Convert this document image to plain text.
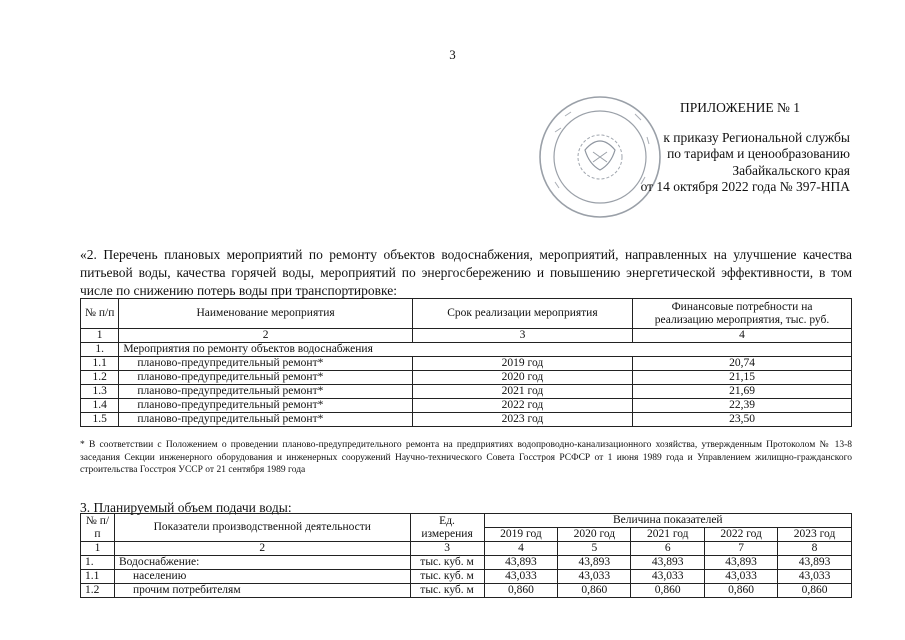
3
ПРИЛОЖЕНИЕ № 1
к приказу Региональной службы
по тарифам и ценообразованию
Забайкальского края
от 14 октября 2022 года № 397-НПА
«2. Перечень плановых мероприятий по ремонту объектов водоснабжения, мероприятий, направленных на улучшение качества питьевой воды, качества горячей воды, мероприятий по энергосбережению и повышению энергетической эффективности, в том числе по снижению потерь воды при транспортировке:
№ п/п	Наименование мероприятия	Срок реализации мероприятия	Финансовые потребности на
реализацию мероприятия, тыс. руб.

1	2	3	4
1.	Мероприятия по ремонту объектов водоснабжения		
1.1	планово-предупредительный ремонт*	2019 год	20,74
1.2	планово-предупредительный ремонт*	2020 год	21,15
1.3	планово-предупредительный ремонт*	2021 год	21,69
1.4	планово-предупредительный ремонт*	2022 год	22,39
1.5	планово-предупредительный ремонт*	2023 год	23,50
* В соответствии с Положением о проведении планово-предупредительного ремонта на предприятиях водопроводно-канализационного хозяйства, утвержденным Протоколом № 13-8 заседания Секции инженерного оборудования и инженерных сооружений Научно-технического Совета Госстроя РСФСР от 1 июня 1989 года и Управлением жилищно-гражданского строительства Госстроя УССР от 21 сентября 1989 года
3. Планируемый объем подачи воды:
№ п/п	Показатели производственной деятельности	Ед. измерения	Величина показателей				
			2019 год	2020 год	2021 год	2022 год	2023 год
1	2	3	4	5	6	7	8
1.	Водоснабжение:	тыс. куб. м	43,893	43,893	43,893	43,893	43,893
1.1	населению	тыс. куб. м	43,033	43,033	43,033	43,033	43,033
1.2	прочим потребителям	тыс. куб. м	0,860	0,860	0,860	0,860	0,860
